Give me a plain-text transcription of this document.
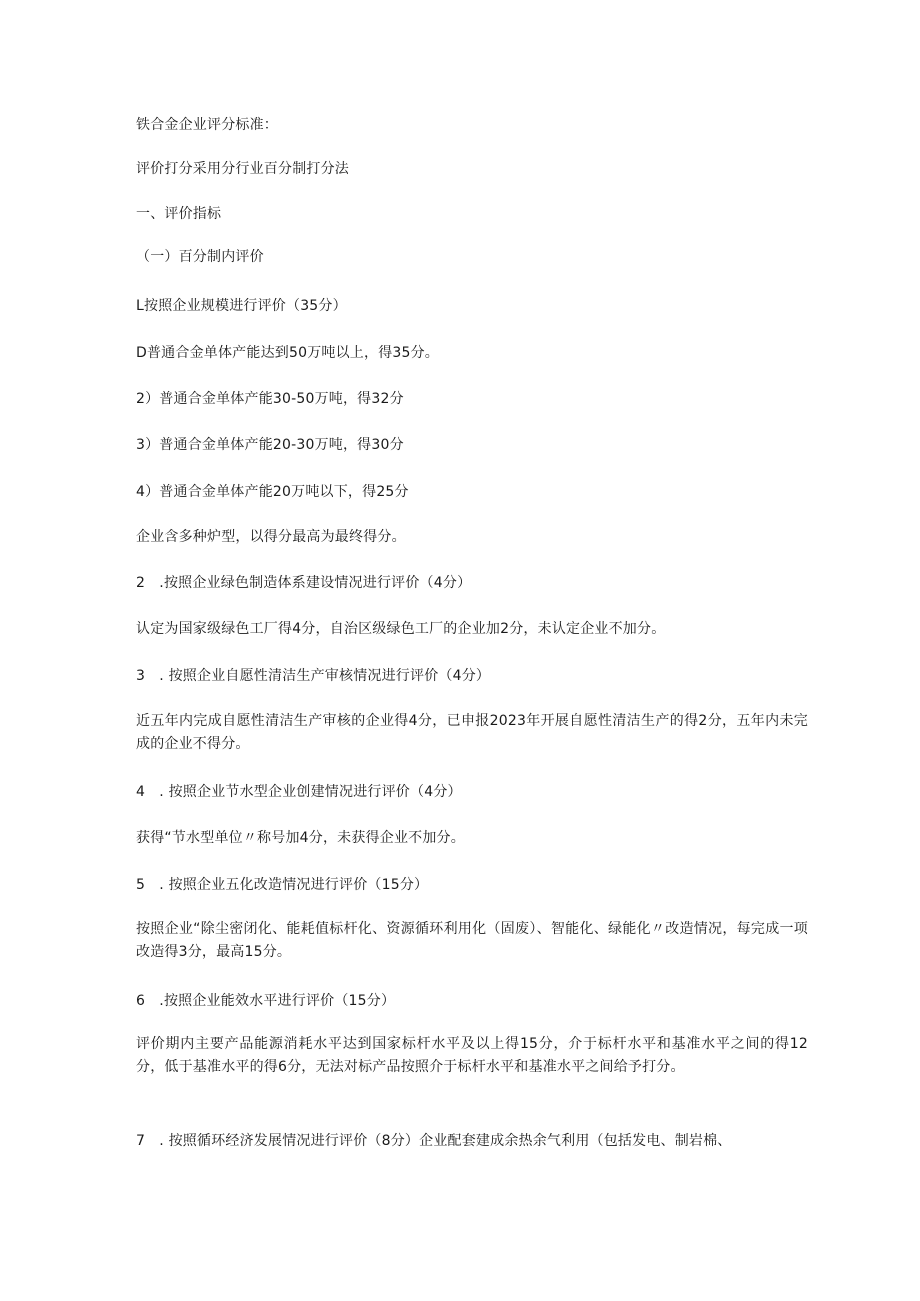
铁合金企业评分标准：
评价打分采用分行业百分制打分法
一、评价指标
（一）百分制内评价
L按照企业规模进行评价（35分）
D普通合金单体产能达到50万吨以上，得35分。
2）普通合金单体产能30-50万吨，得32分
3）普通合金单体产能20-30万吨，得30分
4）普通合金单体产能20万吨以下，得25分
企业含多种炉型，以得分最高为最终得分。
2　.按照企业绿色制造体系建设情况进行评价（4分）
认定为国家级绿色工厂得4分，自治区级绿色工厂的企业加2分，未认定企业不加分。
3　. 按照企业自愿性清洁生产审核情况进行评价（4分）
近五年内完成自愿性清洁生产审核的企业得4分，已申报2023年开展自愿性清洁生产的得2分，五年内未完成的企业不得分。
4　. 按照企业节水型企业创建情况进行评价（4分）
获得“节水型单位〃称号加4分，未获得企业不加分。
5　. 按照企业五化改造情况进行评价（15分）
按照企业“除尘密闭化、能耗值标杆化、资源循环利用化（固废）、智能化、绿能化〃改造情况，每完成一项改造得3分，最高15分。
6　.按照企业能效水平进行评价（15分）
评价期内主要产品能源消耗水平达到国家标杆水平及以上得15分，介于标杆水平和基准水平之间的得12分，低于基准水平的得6分，无法对标产品按照介于标杆水平和基准水平之间给予打分。
7　. 按照循环经济发展情况进行评价（8分）企业配套建成余热余气利用（包括发电、制岩棉、
